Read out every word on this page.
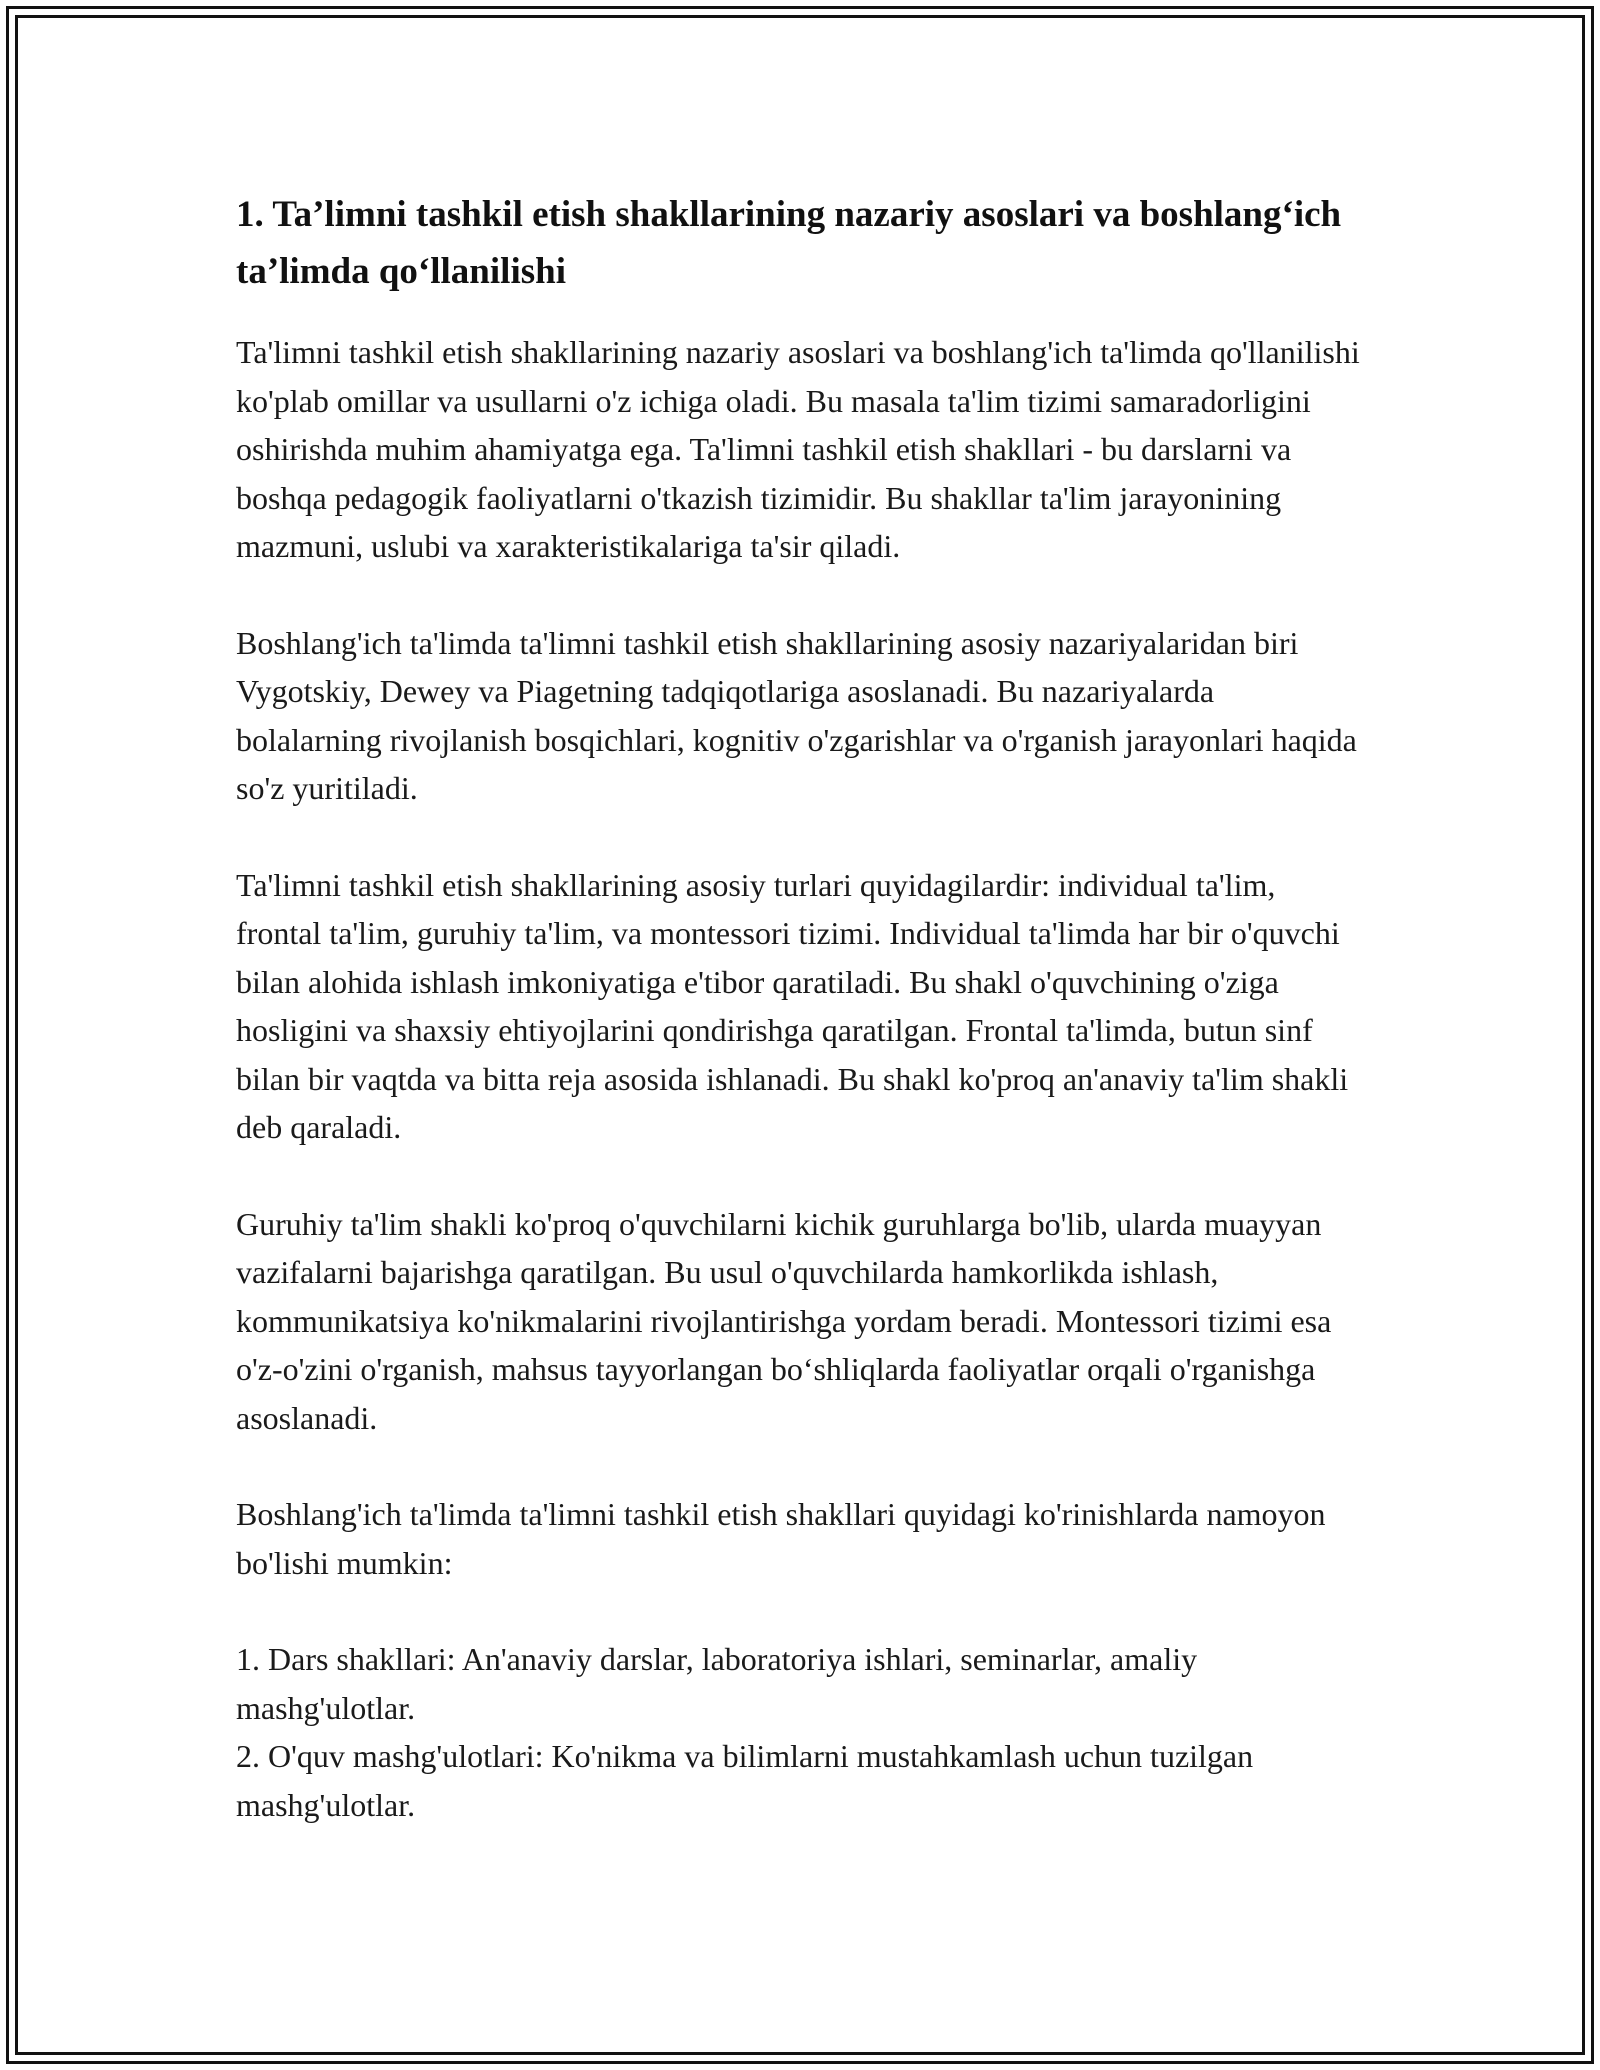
1. Ta’limni tashkil etish shakllarining nazariy asoslari va boshlang‘ich ta’limda qo‘llanilishi

Ta'limni tashkil etish shakllarining nazariy asoslari va boshlang'ich ta'limda qo'llanilishi ko'plab omillar va usullarni o'z ichiga oladi. Bu masala ta'lim tizimi samaradorligini oshirishda muhim ahamiyatga ega. Ta'limni tashkil etish shakllari - bu darslarni va boshqa pedagogik faoliyatlarni o'tkazish tizimidir. Bu shakllar ta'lim jarayonining mazmuni, uslubi va xarakteristikalariga ta'sir qiladi.

Boshlang'ich ta'limda ta'limni tashkil etish shakllarining asosiy nazariyalaridan biri Vygotskiy, Dewey va Piagetning tadqiqotlariga asoslanadi. Bu nazariyalarda bolalarning rivojlanish bosqichlari, kognitiv o'zgarishlar va o'rganish jarayonlari haqida so'z yuritiladi.

Ta'limni tashkil etish shakllarining asosiy turlari quyidagilardir: individual ta'lim, frontal ta'lim, guruhiy ta'lim, va montessori tizimi. Individual ta'limda har bir o'quvchi bilan alohida ishlash imkoniyatiga e'tibor qaratiladi. Bu shakl o'quvchining o'ziga hosligini va shaxsiy ehtiyojlarini qondirishga qaratilgan. Frontal ta'limda, butun sinf bilan bir vaqtda va bitta reja asosida ishlanadi. Bu shakl ko'proq an'anaviy ta'lim shakli deb qaraladi.

Guruhiy ta'lim shakli ko'proq o'quvchilarni kichik guruhlarga bo'lib, ularda muayyan vazifalarni bajarishga qaratilgan. Bu usul o'quvchilarda hamkorlikda ishlash, kommunikatsiya ko'nikmalarini rivojlantirishga yordam beradi. Montessori tizimi esa o'z-o'zini o'rganish, mahsus tayyorlangan bo‘shliqlarda faoliyatlar orqali o'rganishga asoslanadi.

Boshlang'ich ta'limda ta'limni tashkil etish shakllari quyidagi ko'rinishlarda namoyon bo'lishi mumkin:

1. Dars shakllari: An'anaviy darslar, laboratoriya ishlari, seminarlar, amaliy mashg'ulotlar.
2. O'quv mashg'ulotlari: Ko'nikma va bilimlarni mustahkamlash uchun tuzilgan mashg'ulotlar.
